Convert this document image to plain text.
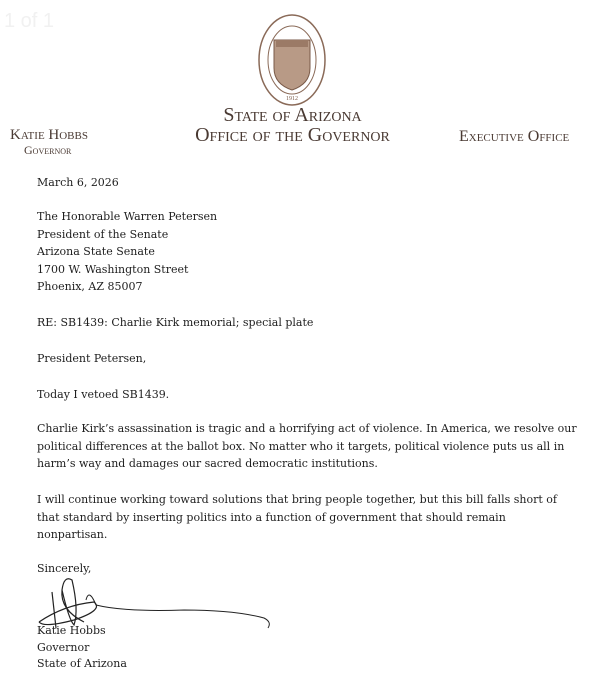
1 of 1
1912
State of Arizona
Office of the Governor
Katie Hobbs
Governor
Executive Office
March 6, 2026
The Honorable Warren Petersen
President of the Senate
Arizona State Senate
1700 W. Washington Street
Phoenix, AZ 85007
RE: SB1439: Charlie Kirk memorial; special plate
President Petersen,
Today I vetoed SB1439.
Charlie Kirk’s assassination is tragic and a horrifying act of violence. In America, we resolve our
political differences at the ballot box. No matter who it targets, political violence puts us all in
harm’s way and damages our sacred democratic institutions.
I will continue working toward solutions that bring people together, but this bill falls short of
that standard by inserting politics into a function of government that should remain
nonpartisan.
Sincerely,
Katie Hobbs
Governor
State of Arizona
